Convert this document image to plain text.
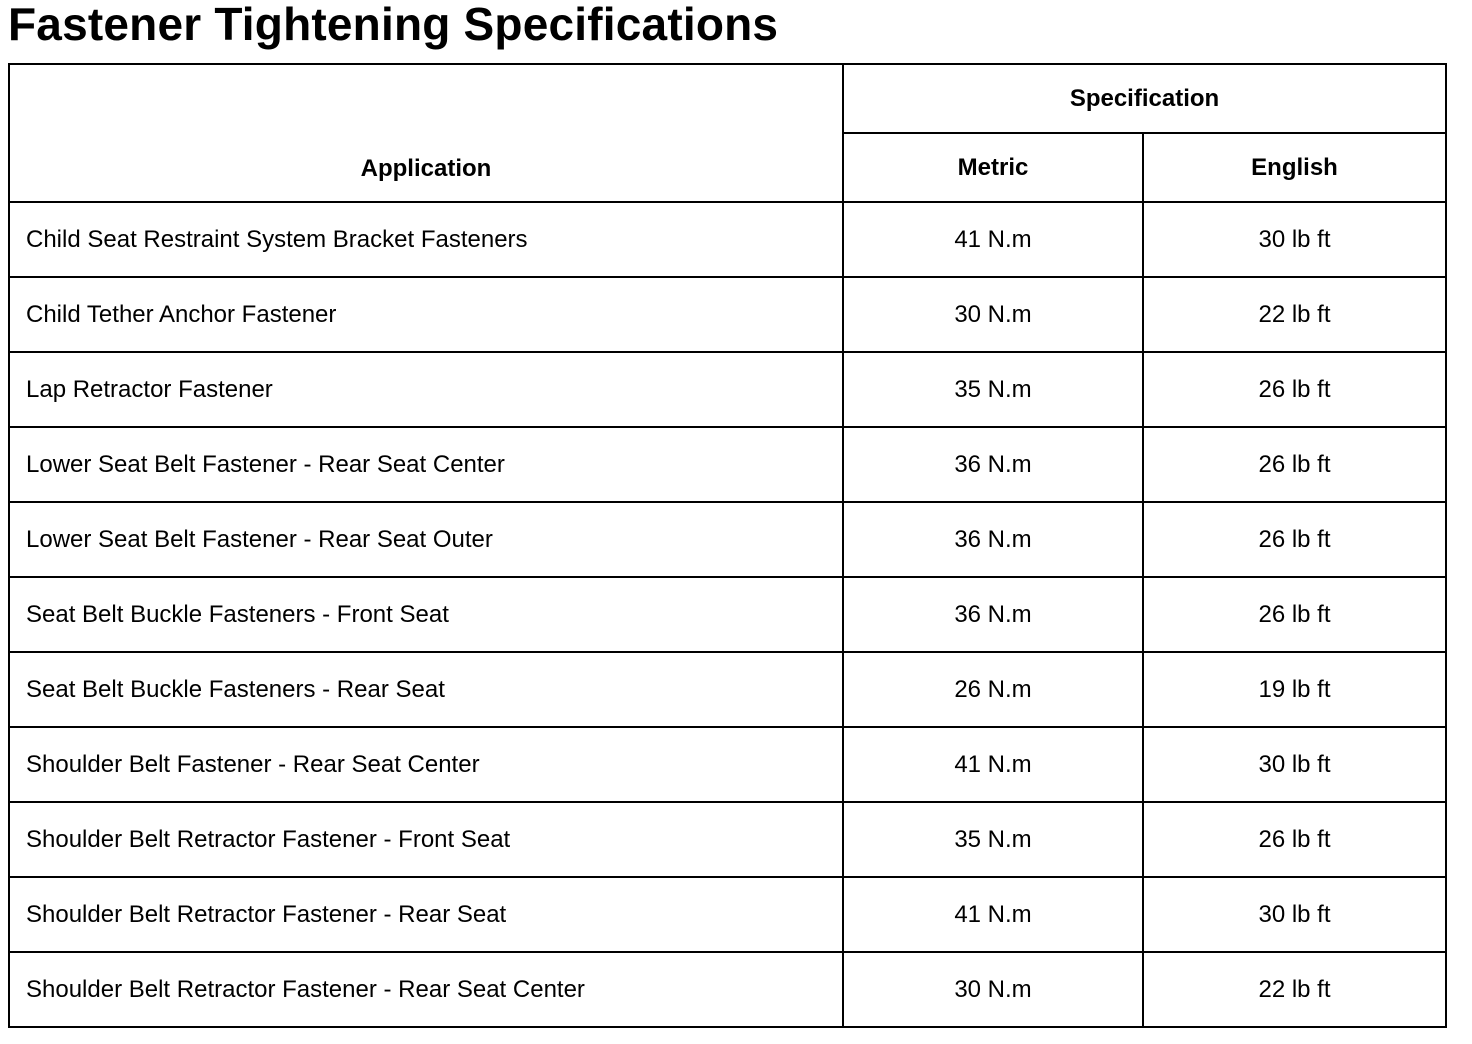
Fastener Tightening Specifications
Application	Specification	
	Metric	English
Child Seat Restraint System Bracket Fasteners	41 N.m	30 lb ft
Child Tether Anchor Fastener	30 N.m	22 lb ft
Lap Retractor Fastener	35 N.m	26 lb ft
Lower Seat Belt Fastener - Rear Seat Center	36 N.m	26 lb ft
Lower Seat Belt Fastener - Rear Seat Outer	36 N.m	26 lb ft
Seat Belt Buckle Fasteners - Front Seat	36 N.m	26 lb ft
Seat Belt Buckle Fasteners - Rear Seat	26 N.m	19 lb ft
Shoulder Belt Fastener - Rear Seat Center	41 N.m	30 lb ft
Shoulder Belt Retractor Fastener - Front Seat	35 N.m	26 lb ft
Shoulder Belt Retractor Fastener - Rear Seat	41 N.m	30 lb ft
Shoulder Belt Retractor Fastener - Rear Seat Center	30 N.m	22 lb ft
